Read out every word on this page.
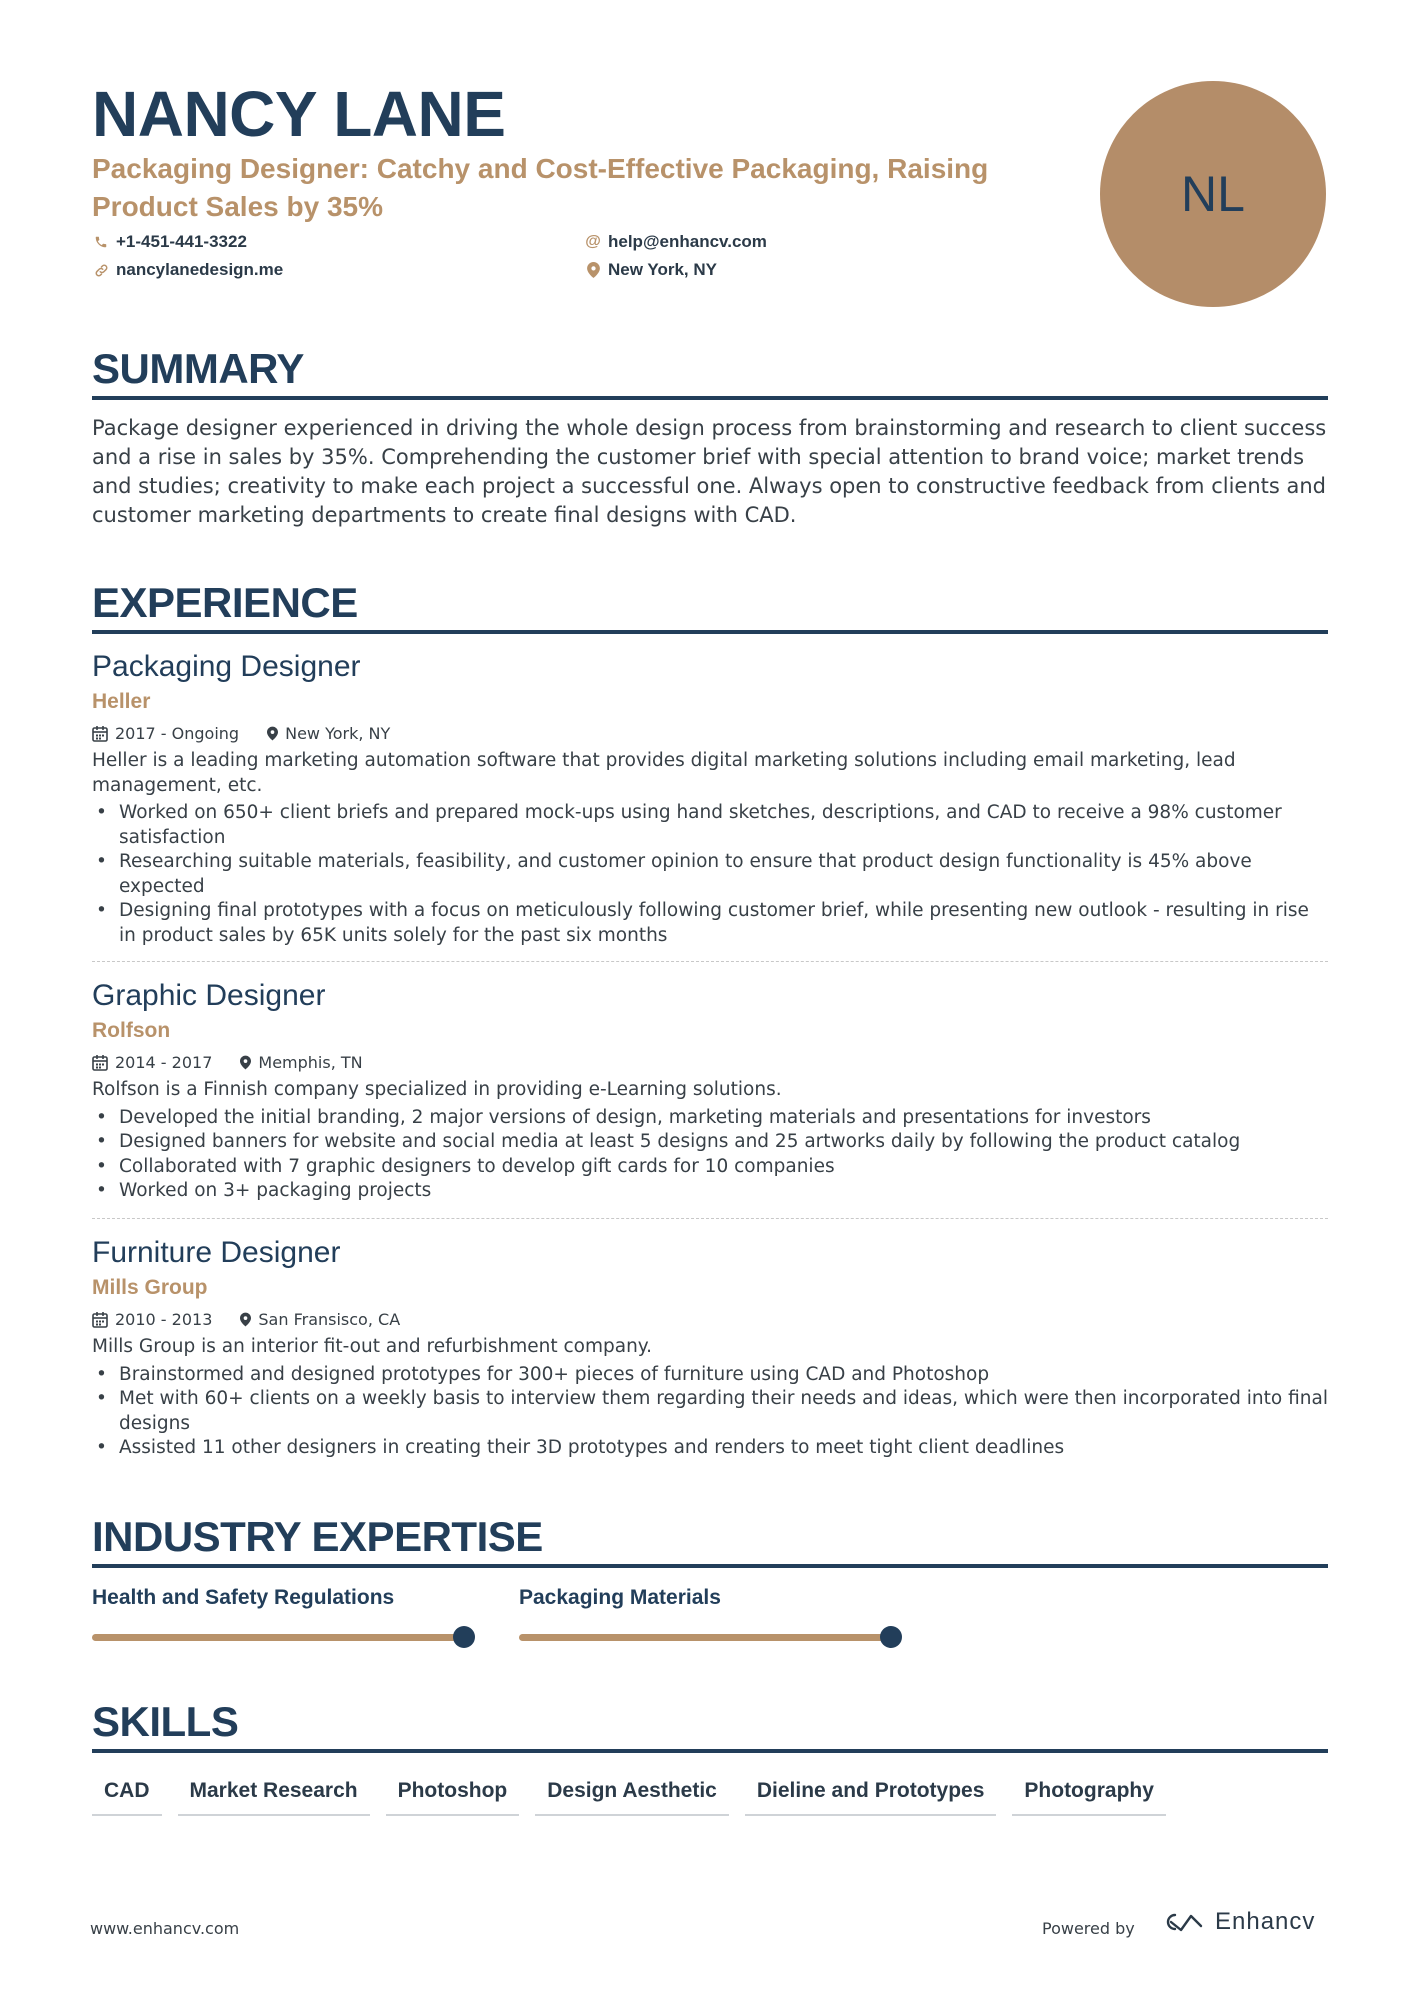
NANCY LANE
Packaging Designer: Catchy and Cost-Effective Packaging, Raising Product Sales by 35%
+1-451-441-3322	@ help@enhancv.com
nancylanedesign.me	New York, NY
NL
SUMMARY
Package designer experienced in driving the whole design process from brainstorming and research to client success and a rise in sales by 35%. Comprehending the customer brief with special attention to brand voice; market trends and studies; creativity to make each project a successful one. Always open to constructive feedback from clients and customer marketing departments to create final designs with CAD.
EXPERIENCE
Packaging Designer
Heller
2017 - Ongoing	New York, NY
Heller is a leading marketing automation software that provides digital marketing solutions including email marketing, lead management, etc.
• Worked on 650+ client briefs and prepared mock-ups using hand sketches, descriptions, and CAD to receive a 98% customer satisfaction
• Researching suitable materials, feasibility, and customer opinion to ensure that product design functionality is 45% above expected
• Designing final prototypes with a focus on meticulously following customer brief, while presenting new outlook - resulting in rise in product sales by 65K units solely for the past six months
Graphic Designer
Rolfson
2014 - 2017	Memphis, TN
Rolfson is a Finnish company specialized in providing e-Learning solutions.
• Developed the initial branding, 2 major versions of design, marketing materials and presentations for investors
• Designed banners for website and social media at least 5 designs and 25 artworks daily by following the product catalog
• Collaborated with 7 graphic designers to develop gift cards for 10 companies
• Worked on 3+ packaging projects
Furniture Designer
Mills Group
2010 - 2013	San Fransisco, CA
Mills Group is an interior fit-out and refurbishment company.
• Brainstormed and designed prototypes for 300+ pieces of furniture using CAD and Photoshop
• Met with 60+ clients on a weekly basis to interview them regarding their needs and ideas, which were then incorporated into final designs
• Assisted 11 other designers in creating their 3D prototypes and renders to meet tight client deadlines
INDUSTRY EXPERTISE
Health and Safety Regulations	Packaging Materials
SKILLS
CAD	Market Research	Photoshop	Design Aesthetic	Dieline and Prototypes	Photography
www.enhancv.com	Powered by	Enhancv
